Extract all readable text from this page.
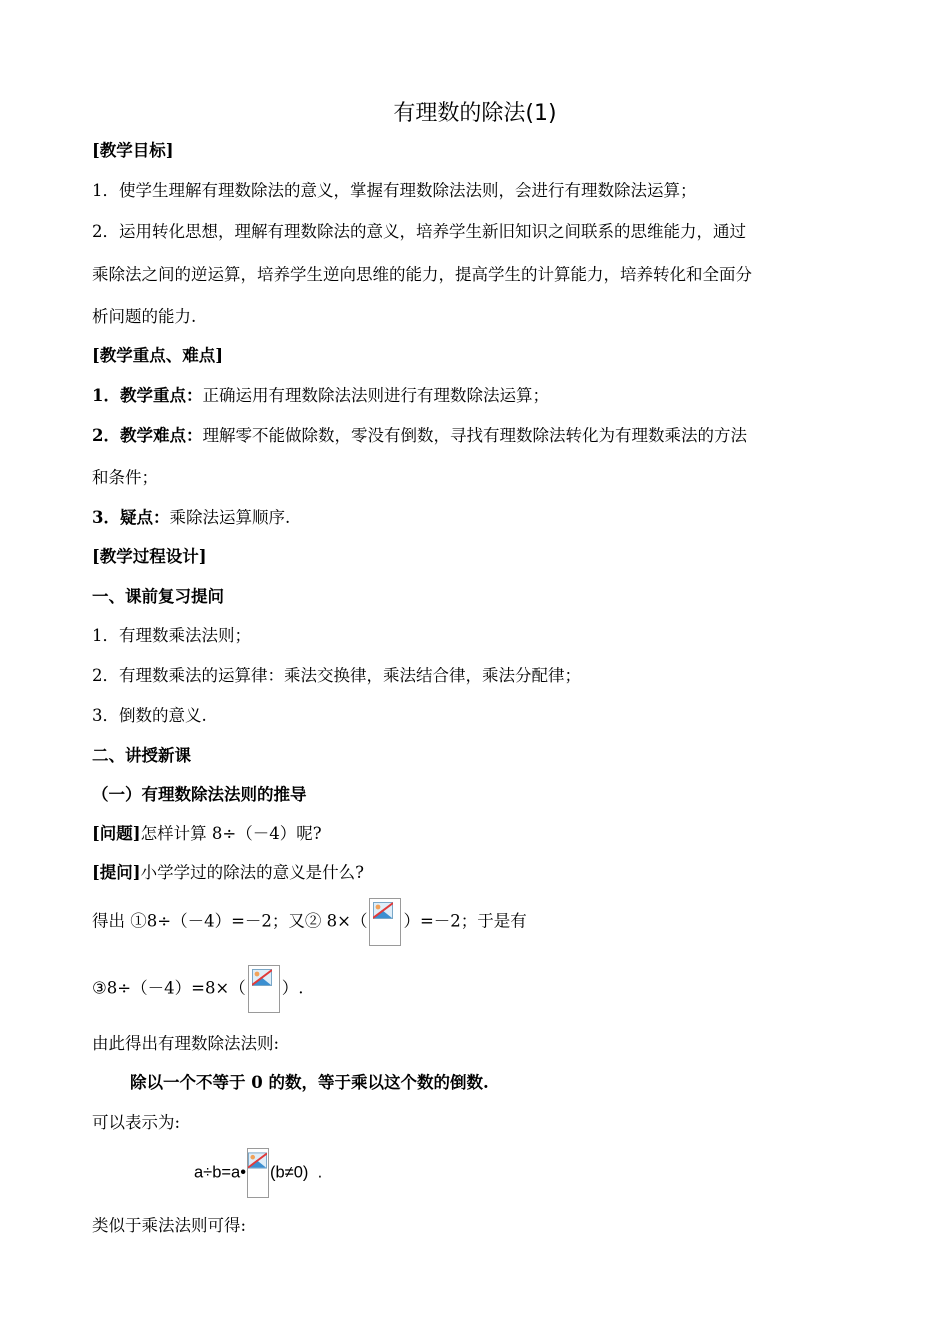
有理数的除法(1)
[教学目标]
1．使学生理解有理数除法的意义，掌握有理数除法法则，会进行有理数除法运算；
2．运用转化思想，理解有理数除法的意义，培养学生新旧知识之间联系的思维能力，通过
乘除法之间的逆运算，培养学生逆向思维的能力，提高学生的计算能力，培养转化和全面分
析问题的能力.
[教学重点、难点]
1．教学重点：正确运用有理数除法法则进行有理数除法运算；
2．教学难点：理解零不能做除数，零没有倒数，寻找有理数除法转化为有理数乘法的方法
和条件；
3．疑点：乘除法运算顺序.
[教学过程设计]
一、课前复习提问
1．有理数乘法法则；
2．有理数乘法的运算律：乘法交换律，乘法结合律，乘法分配律；
3．倒数的意义.
二、讲授新课
（一）有理数除法法则的推导
[问题]怎样计算 8÷（－4）呢?
[提问]小学学过的除法的意义是什么?
得出 ①8÷（－4）=－2；又② 8×（ ）=－2；于是有
③8÷（－4）=8×（ ）.
由此得出有理数除法法则:
除以一个不等于 0 的数，等于乘以这个数的倒数.
可以表示为:
a÷b=a• (b≠0) .
类似于乘法法则可得:
